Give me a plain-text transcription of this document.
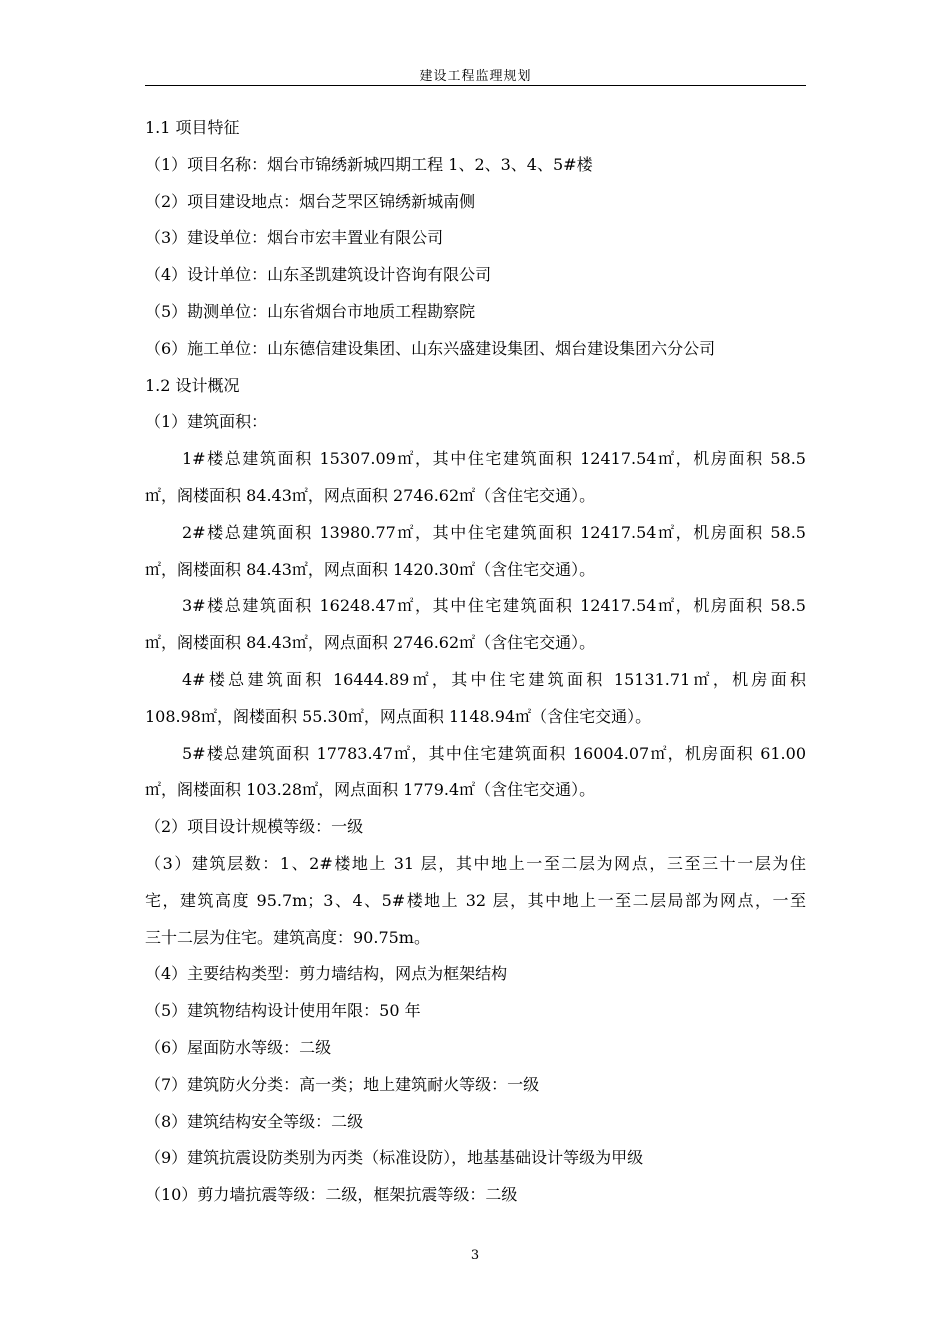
建设工程监理规划
1.1 项目特征
（1）项目名称：烟台市锦绣新城四期工程 1、2、3、4、5#楼
（2）项目建设地点：烟台芝罘区锦绣新城南侧
（3）建设单位：烟台市宏丰置业有限公司
（4）设计单位：山东圣凯建筑设计咨询有限公司
（5）勘测单位：山东省烟台市地质工程勘察院
（6）施工单位：山东德信建设集团、山东兴盛建设集团、烟台建设集团六分公司
1.2 设计概况
（1）建筑面积：
1#楼总建筑面积 15307.09㎡，其中住宅建筑面积 12417.54㎡，机房面积 58.5
㎡，阁楼面积 84.43㎡，网点面积 2746.62㎡（含住宅交通）。
2#楼总建筑面积 13980.77㎡，其中住宅建筑面积 12417.54㎡，机房面积 58.5
㎡，阁楼面积 84.43㎡，网点面积 1420.30㎡（含住宅交通）。
3#楼总建筑面积 16248.47㎡，其中住宅建筑面积 12417.54㎡，机房面积 58.5
㎡，阁楼面积 84.43㎡，网点面积 2746.62㎡（含住宅交通）。
4#楼总建筑面积 16444.89㎡，其中住宅建筑面积 15131.71㎡，机房面积
108.98㎡，阁楼面积 55.30㎡，网点面积 1148.94㎡（含住宅交通）。
5#楼总建筑面积 17783.47㎡，其中住宅建筑面积 16004.07㎡，机房面积 61.00
㎡，阁楼面积 103.28㎡，网点面积 1779.4㎡（含住宅交通）。
（2）项目设计规模等级：一级
（3）建筑层数：1、2#楼地上 31 层，其中地上一至二层为网点，三至三十一层为住
宅，建筑高度 95.7m；3、4、5#楼地上 32 层，其中地上一至二层局部为网点，一至
三十二层为住宅。建筑高度：90.75m。
（4）主要结构类型：剪力墙结构，网点为框架结构
（5）建筑物结构设计使用年限：50 年
（6）屋面防水等级：二级
（7）建筑防火分类：高一类；地上建筑耐火等级：一级
（8）建筑结构安全等级：二级
（9）建筑抗震设防类别为丙类（标准设防），地基基础设计等级为甲级
（10）剪力墙抗震等级：二级，框架抗震等级：二级
3
